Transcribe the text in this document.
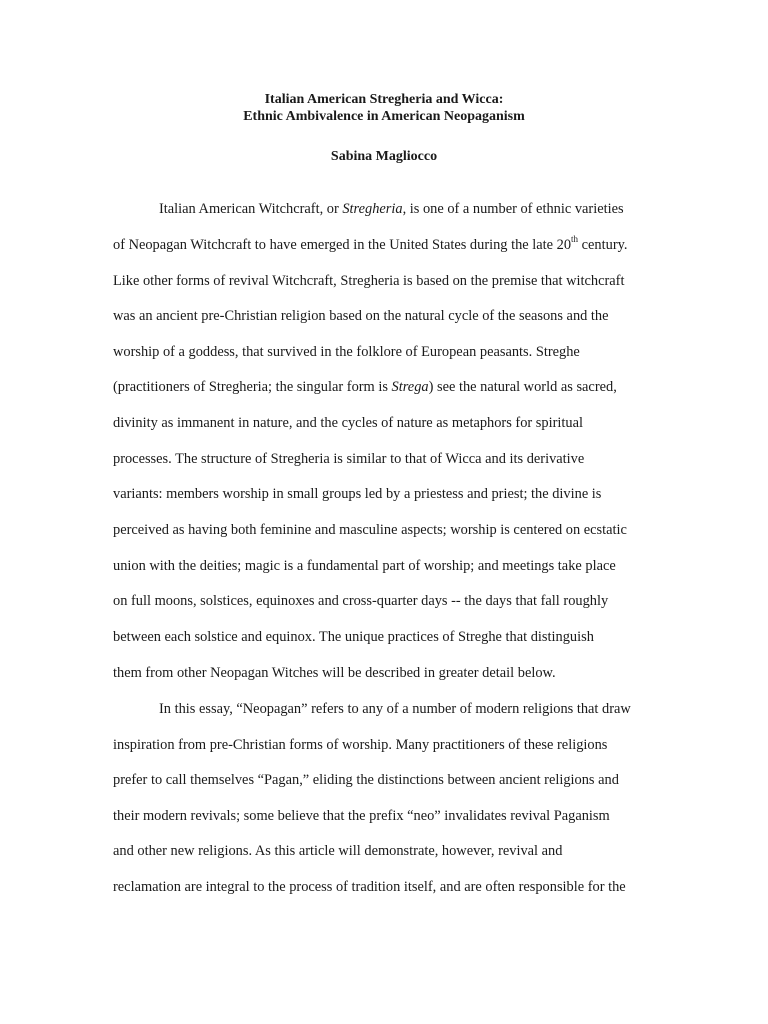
Italian American Stregheria and Wicca:
Ethnic Ambivalence in American Neopaganism
Sabina Magliocco
Italian American Witchcraft, or Stregheria, is one of a number of ethnic varieties
of Neopagan Witchcraft to have emerged in the United States during the late 20th century.
Like other forms of revival Witchcraft, Stregheria is based on the premise that witchcraft
was an ancient pre-Christian religion based on the natural cycle of the seasons and the
worship of a goddess, that survived in the folklore of European peasants. Streghe
(practitioners of Stregheria; the singular form is Strega) see the natural world as sacred,
divinity as immanent in nature, and the cycles of nature as metaphors for spiritual
processes. The structure of Stregheria is similar to that of Wicca and its derivative
variants: members worship in small groups led by a priestess and priest; the divine is
perceived as having both feminine and masculine aspects; worship is centered on ecstatic
union with the deities; magic is a fundamental part of worship; and meetings take place
on full moons, solstices, equinoxes and cross-quarter days -- the days that fall roughly
between each solstice and equinox. The unique practices of Streghe that distinguish
them from other Neopagan Witches will be described in greater detail below.
In this essay, “Neopagan” refers to any of a number of modern religions that draw
inspiration from pre-Christian forms of worship. Many practitioners of these religions
prefer to call themselves “Pagan,” eliding the distinctions between ancient religions and
their modern revivals; some believe that the prefix “neo” invalidates revival Paganism
and other new religions. As this article will demonstrate, however, revival and
reclamation are integral to the process of tradition itself, and are often responsible for the
